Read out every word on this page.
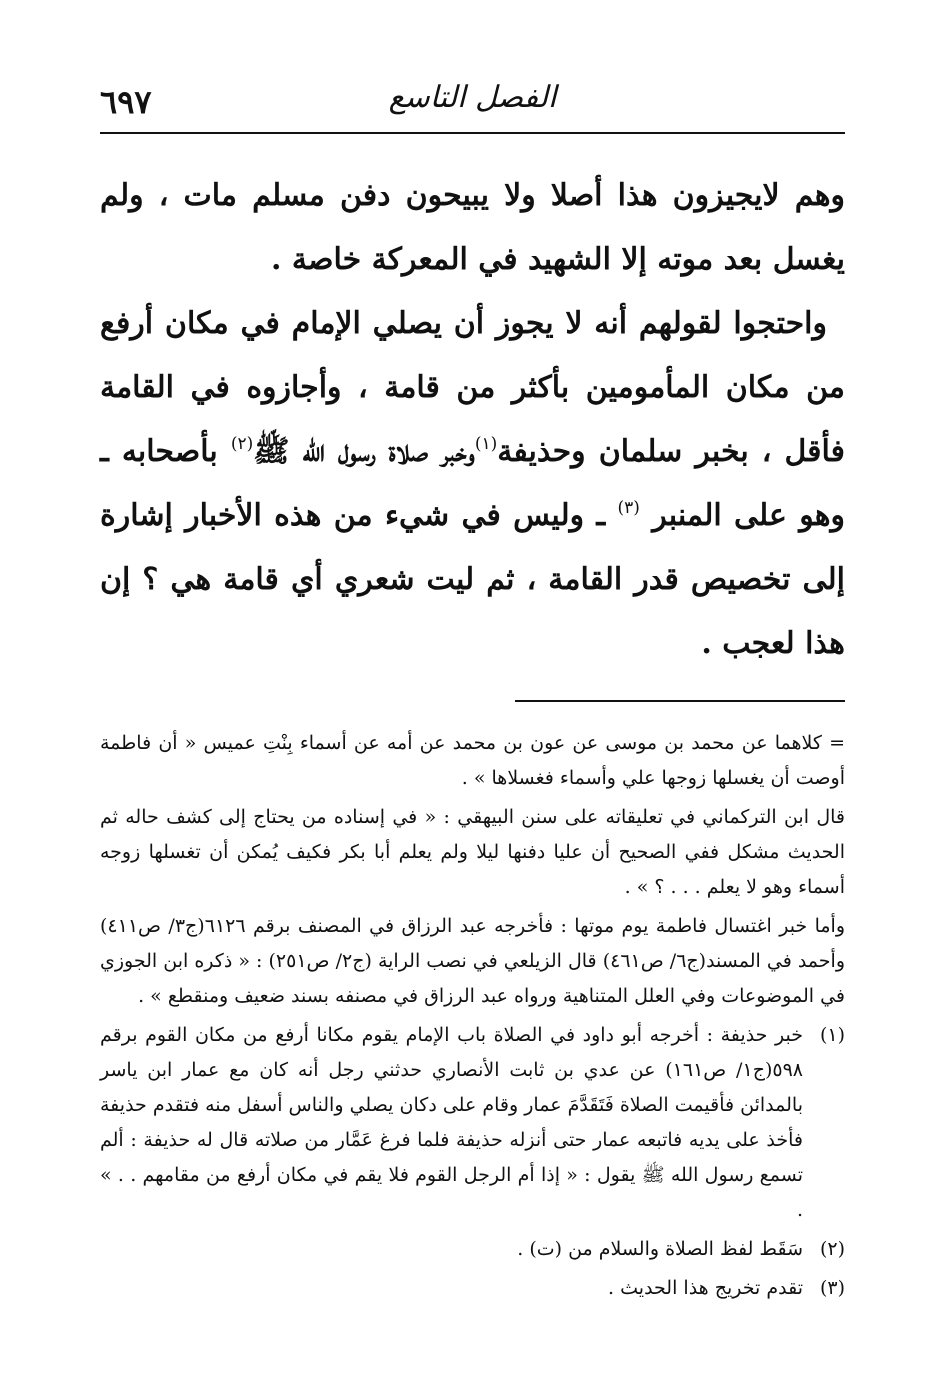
الفصل التاسع
٦٩٧

وهم لايجيزون هذا أصلا ولا يبيحون دفن مسلم مات ، ولم يغسل بعد موته إلا الشهيد في المعركة خاصة .

واحتجوا لقولهم أنه لا يجوز أن يصلي الإمام في مكان أرفع من مكان المأمومين بأكثر من قامة ، وأجازوه في القامة فأقل ، بخبر سلمان وحذيفة$^{(١)}$وخبر صلاة رسول الله ﷺ$^{(٢)}$ بأصحابه ـ وهو على المنبر $^{(٣)}$ ـ وليس في شيء من هذه الأخبار إشارة إلى تخصيص قدر القامة ، ثم ليت شعري أي قامة هي ؟ إن هذا لعجب .

= كلاهما عن محمد بن موسى عن عون بن محمد عن أمه عن أسماء بِنْتِ عميس « أن فاطمة أوصت أن يغسلها زوجها علي وأسماء فغسلاها » .

قال ابن التركماني في تعليقاته على سنن البيهقي : « في إسناده من يحتاج إلى كشف حاله ثم الحديث مشكل ففي الصحيح أن عليا دفنها ليلا ولم يعلم أبا بكر فكيف يُمكن أن تغسلها زوجه أسماء وهو لا يعلم . . . ؟ » .

وأما خبر اغتسال فاطمة يوم موتها : فأخرجه عبد الرزاق في المصنف برقم ٦١٢٦(ج٣/ ص٤١١) وأحمد في المسند(ج٦/ ص٤٦١) قال الزيلعي في نصب الراية (ج٢/ ص٢٥١) : « ذكره ابن الجوزي في الموضوعات وفي العلل المتناهية ورواه عبد الرزاق في مصنفه بسند ضعيف ومنقطع » .

(١)
خبر حذيفة : أخرجه أبو داود في الصلاة باب الإمام يقوم مكانا أرفع من مكان القوم برقم ٥٩٨(ج١/ ص١٦١) عن عدي بن ثابت الأنصاري حدثني رجل أنه كان مع عمار ابن ياسر بالمدائن فأقيمت الصلاة فَتَقَدَّمَ عمار وقام على دكان يصلي والناس أسفل منه فتقدم حذيفة فأخذ على يديه فاتبعه عمار حتى أنزله حذيفة فلما فرغ عَمَّار من صلاته قال له حذيفة : ألم تسمع رسول الله ﷺ يقول : « إذا أم الرجل القوم فلا يقم في مكان أرفع من مقامهم . . » .
(٢)
سَقَط لفظ الصلاة والسلام من (ت) .
(٣)
تقدم تخريج هذا الحديث .
